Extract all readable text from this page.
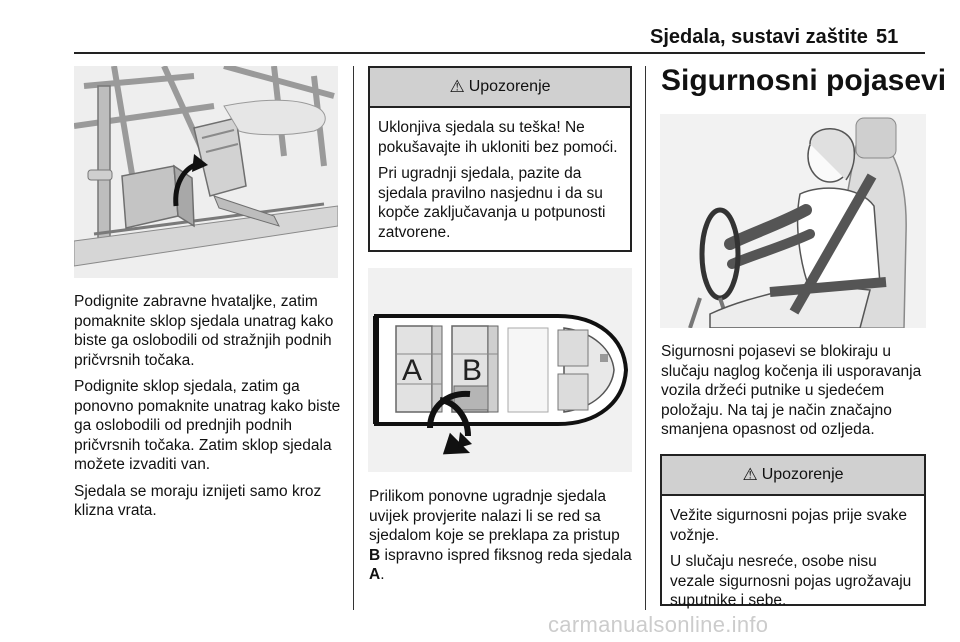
Sjedala, sustavi zaštite 51

Podignite zabravne hvataljke, zatim pomaknite sklop sjedala unatrag kako biste ga oslobodili od stražnjih podnih pričvrsnih točaka.

Podignite sklop sjedala, zatim ga ponovno pomaknite unatrag kako biste ga oslobodili od prednjih podnih pričvrsnih točaka. Zatim sklop sjedala možete izvaditi van.

Sjedala se moraju iznijeti samo kroz klizna vrata.

⚠ Upozorenje

Uklonjiva sjedala su teška! Ne pokušavajte ih ukloniti bez pomoći.

Pri ugradnji sjedala, pazite da sjedala pravilno nasjednu i da su kopče zaključavanja u potpunosti zatvorene.

A B

Prilikom ponovne ugradnje sjedala uvijek provjerite nalazi li se red sa sjedalom koje se preklapa za pristup B ispravno ispred fiksnog reda sjedala A.

Sigurnosni pojasevi

Sigurnosni pojasevi se blokiraju u slučaju naglog kočenja ili usporavanja vozila držeći putnike u sjedećem položaju. Na taj je način značajno smanjena opasnost od ozljeda.

⚠ Upozorenje

Vežite sigurnosni pojas prije svake vožnje.

U slučaju nesreće, osobe nisu vezale sigurnosni pojas ugrožavaju suputnike i sebe.

carmanualsonline.info
